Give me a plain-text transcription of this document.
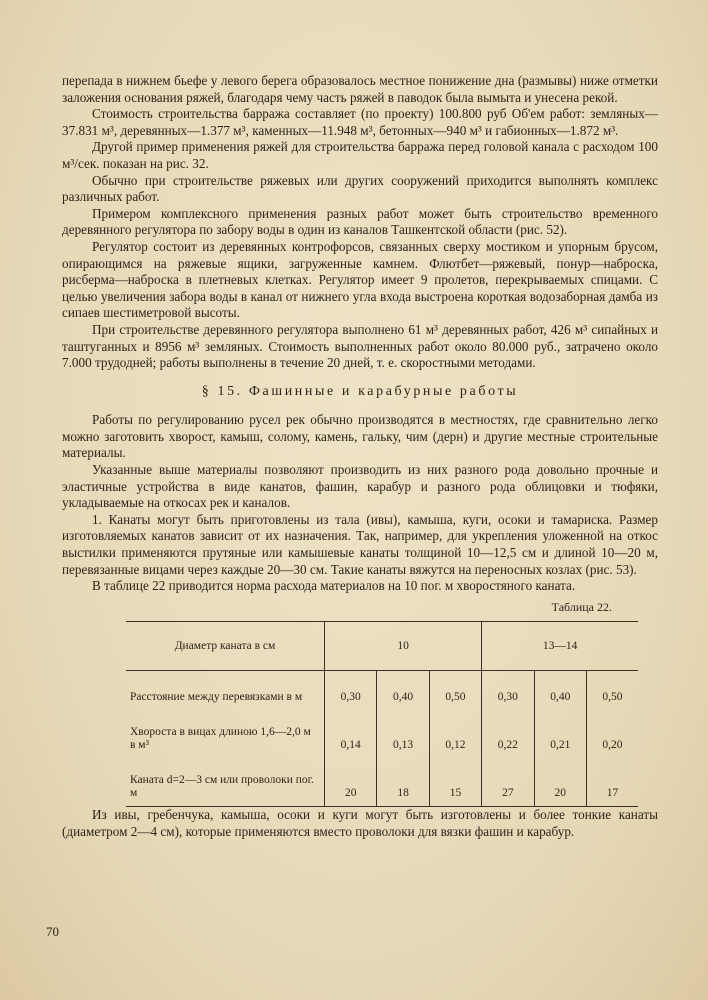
перепада в нижнем бьефе у левого берега образовалось местное понижение дна (размывы) ниже отметки заложения основания ряжей, благодаря чему часть ряжей в паводок была вымыта и унесена рекой.

Стоимость строительства барража составляет (по проекту) 100.800 руб Об'ем работ: земляных—37.831 м³, деревянных—1.377 м³, каменных—11.948 м³, бетонных—940 м³ и габионных—1.872 м³.

Другой пример применения ряжей для строительства барража перед головой канала с расходом 100 м³/сек. показан на рис. 32.

Обычно при строительстве ряжевых или других сооружений приходится выполнять комплекс различных работ.

Примером комплексного применения разных работ может быть строительство временного деревянного регулятора по забору воды в один из каналов Ташкентской области (рис. 52).

Регулятор состоит из деревянных контрофорсов, связанных сверху мостиком и упорным брусом, опирающимся на ряжевые ящики, загруженные камнем. Флютбет—ряжевый, понур—наброска, рисберма—наброска в плетневых клетках. Регулятор имеет 9 пролетов, перекрываемых спицами. С целью увеличения забора воды в канал от нижнего угла входа выстроена короткая водозаборная дамба из сипаев шестиметровой высоты.

При строительстве деревянного регулятора выполнено 61 м³ деревянных работ, 426 м³ сипайных и таштуганных и 8956 м³ земляных. Стоимость выполненных работ около 80.000 руб., затрачено около 7.000 трудодней; работы выполнены в течение 20 дней, т. е. скоростными методами.

§ 15. Фашинные и карабурные работы

Работы по регулированию русел рек обычно производятся в местностях, где сравнительно легко можно заготовить хворост, камыш, солому, камень, гальку, чим (дерн) и другие местные строительные материалы.

Указанные выше материалы позволяют производить из них разного рода довольно прочные и эластичные устройства в виде канатов, фашин, карабур и разного рода облицовки и тюфяки, укладываемые на откосах рек и каналов.

1. Канаты могут быть приготовлены из тала (ивы), камыша, куги, осоки и тамариска. Размер изготовляемых канатов зависит от их назначения. Так, например, для укрепления уложенной на откос выстилки применяются прутяные или камышевые канаты толщиной 10—12,5 см и длиной 10—20 м, перевязанные вицами через каждые 20—30 см. Такие канаты вяжутся на переносных козлах (рис. 53).

В таблице 22 приводится норма расхода материалов на 10 пог. м хворостяного каната.

Таблица 22.
Диаметр каната в см	10			13—14		

Расстояние между перевязками в м	0,30	0,40	0,50	0,30	0,40	0,50

Хвороста в вицах длиною 1,6—2,0 м в м³	0,14	0,13	0,12	0,22	0,21	0,20

Каната d=2—3 см или проволоки пог. м	20	18	15	27	20	17

Из ивы, гребенчука, камыша, осоки и куги могут быть изготовлены и более тонкие канаты (диаметром 2—4 см), которые применяются вместо проволоки для вязки фашин и карабур.

70
